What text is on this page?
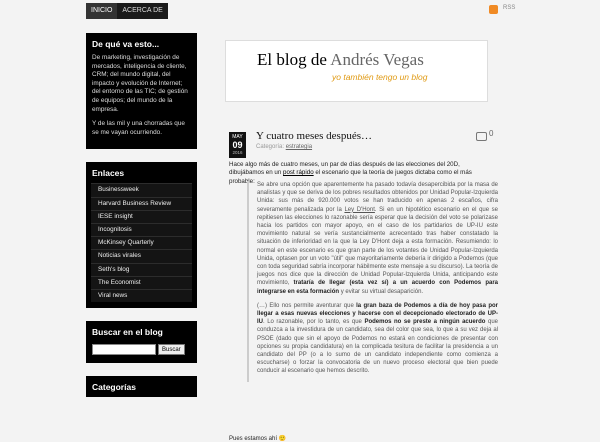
INICIO	ACERCA DE	RSS
De qué va esto...

De marketing, investigación de mercados, inteligencia de cliente, CRM; del mundo digital, del impacto y evolución de Internet; del entorno de las TIC; de gestión de equipos; del mundo de la empresa.

Y de las mil y una chorradas que se me vayan ocurriendo.

Enlaces
Businessweek
Harvard Business Review
IESE insight
Incognitosis
McKinsey Quarterly
Noticias virales
Seth's blog
The Economist
Viral news
Buscar en el blog
Buscar
Categorías
El blog de Andrés Vegas
yo también tengo un blog
MAY
09
2016
Y cuatro meses después…
Categoría: estrategia
0
Hace algo más de cuatro meses, un par de días después de las elecciones del 20D, dibujábamos en un post rápido el escenario que la teoría de juegos dictaba como el más probable:

Se abre una opción que aparentemente ha pasado todavía desapercibida por la masa de analistas y que se deriva de los pobres resultados obtenidos por Unidad Popular-Izquierda Unida: sus más de 920.000 votos se han traducido en apenas 2 escaños, cifra severamente penalizada por la Ley D'Hont. Si en un hipotético escenario en el que se repitiesen las elecciones lo razonable sería esperar que la decisión del voto se polarizase hacia los partidos con mayor apoyo, en el caso de los partidarios de UP-IU este movimiento natural se vería sustancialmente acrecentado tras haber constatado la situación de inferioridad en la que la Ley D'Hont deja a esta formación. Resumiendo: lo normal en este escenario es que gran parte de los votantes de Unidad Popular-Izquierda Unida, optasen por un voto "útil" que mayoritariamente debería ir dirigido a Podemos (que con toda seguridad sabría incorporar hábilmente este mensaje a su discurso). La teoría de juegos nos dice que la dirección de Unidad Popular-Izquierda Unida, anticipando este movimiento, trataría de llegar (esta vez sí) a un acuerdo con Podemos para integrarse en esta formación y evitar su virtual desaparición.

(…) Ello nos permite aventurar que la gran baza de Podemos a día de hoy pasa por llegar a esas nuevas elecciones y hacerse con el decepcionado electorado de UP-IU. Lo razonable, por lo tanto, es que Podemos no se preste a ningún acuerdo que conduzca a la investidura de un candidato, sea del color que sea, lo que a su vez deja al PSOE (dado que sin el apoyo de Podemos no estará en condiciones de presentar con opciones su propia candidatura) en la complicada tesitura de facilitar la presidencia a un candidato del PP (o a lo sumo de un candidato independiente como comienza a escucharse) o forzar la convocatoria de un nuevo proceso electoral que bien puede conducir al escenario que hemos descrito.

Pues estamos ahí 🙂
